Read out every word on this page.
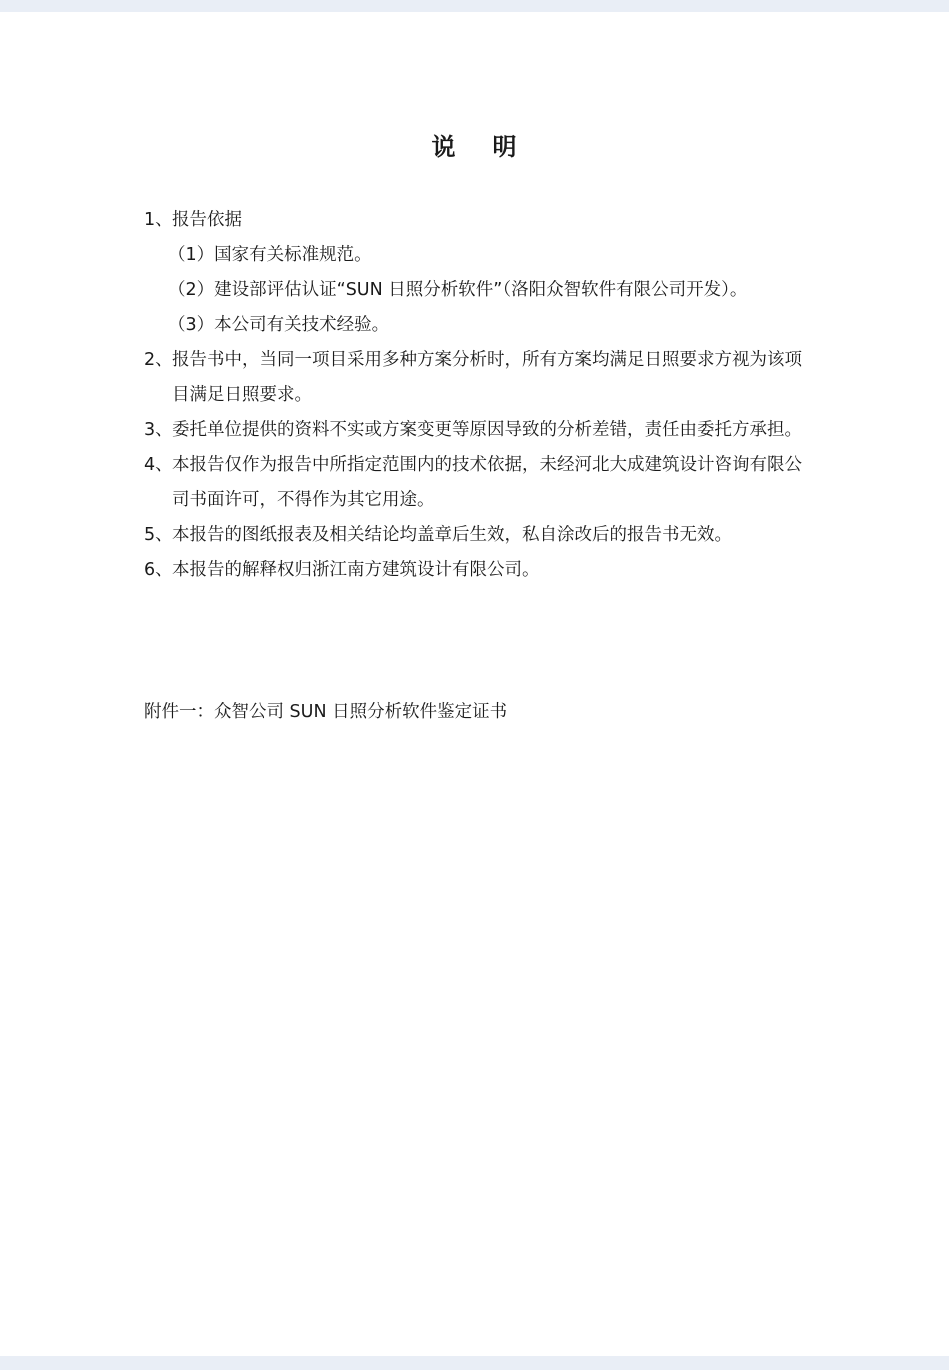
说 明
1、 报告依据
（1）国家有关标准规范。
（2）建设部评估认证“SUN 日照分析软件”（洛阳众智软件有限公司开发）。
（3）本公司有关技术经验。
2、 报告书中，当同一项目采用多种方案分析时，所有方案均满足日照要求方视为该项目满足日照要求。
3、 委托单位提供的资料不实或方案变更等原因导致的分析差错，责任由委托方承担。
4、 本报告仅作为报告中所指定范围内的技术依据，未经河北大成建筑设计咨询有限公司书面许可，不得作为其它用途。
5、 本报告的图纸报表及相关结论均盖章后生效，私自涂改后的报告书无效。
6、 本报告的解释权归浙江南方建筑设计有限公司。
附件一：众智公司 SUN 日照分析软件鉴定证书
